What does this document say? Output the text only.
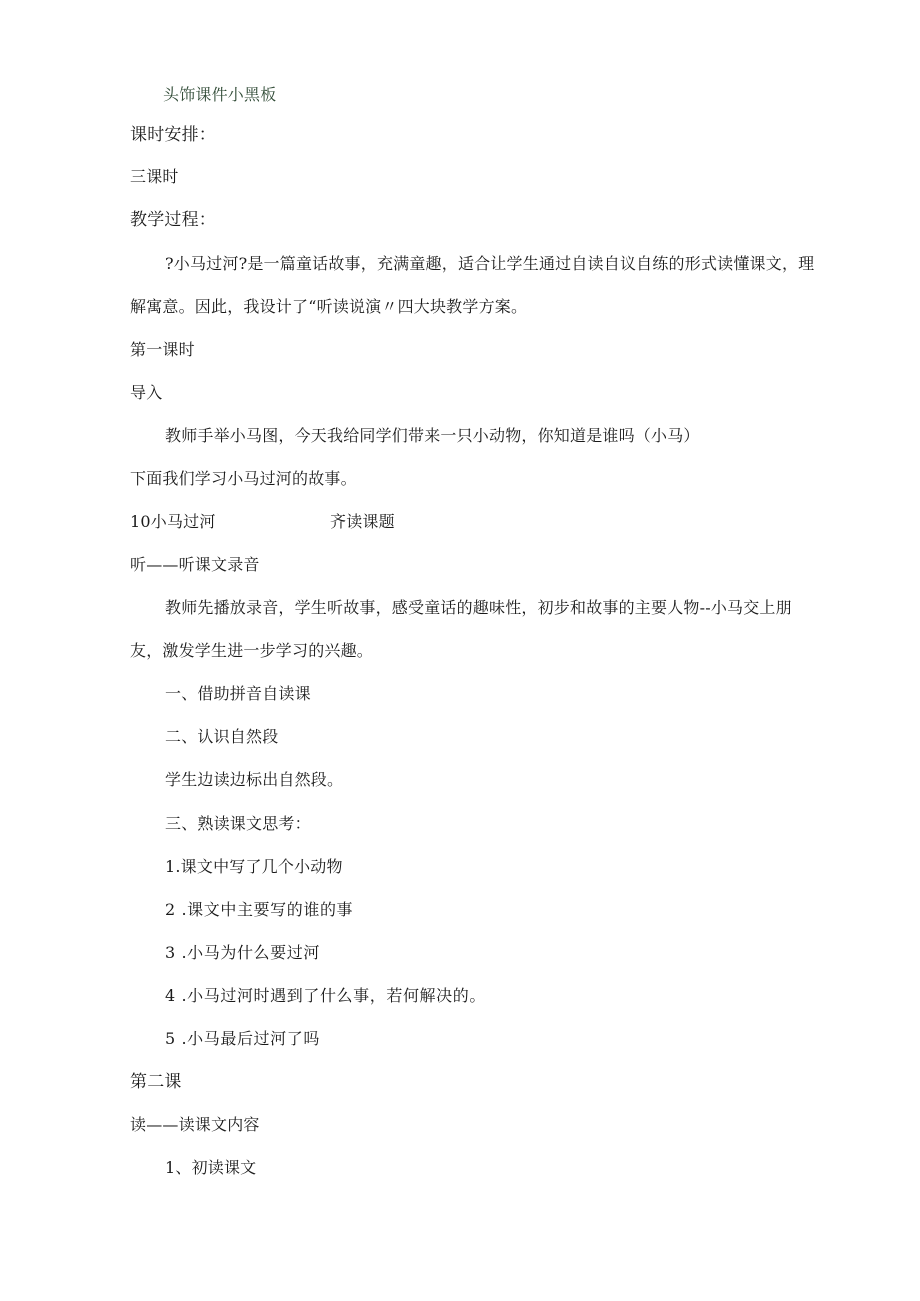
头饰课件小黑板
课时安排：
三课时
教学过程：
?小马过河?是一篇童话故事，充满童趣，适合让学生通过自读自议自练的形式读懂课文，理
解寓意。因此，我设计了“听读说演〃四大块教学方案。
第一课时
导入
教师手举小马图，今天我给同学们带来一只小动物，你知道是谁吗（小马）
下面我们学习小马过河的故事。
10小马过河	齐读课题
听——听课文录音
教师先播放录音，学生听故事，感受童话的趣味性，初步和故事的主要人物--小马交上朋
友，激发学生进一步学习的兴趣。
一、借助拼音自读课
二、认识自然段
学生边读边标出自然段。
三、熟读课文思考：
1.课文中写了几个小动物
2 .课文中主要写的谁的事
3 .小马为什么要过河
4 .小马过河时遇到了什么事，若何解决的。
5 .小马最后过河了吗
第二课
读——读课文内容
1、初读课文
